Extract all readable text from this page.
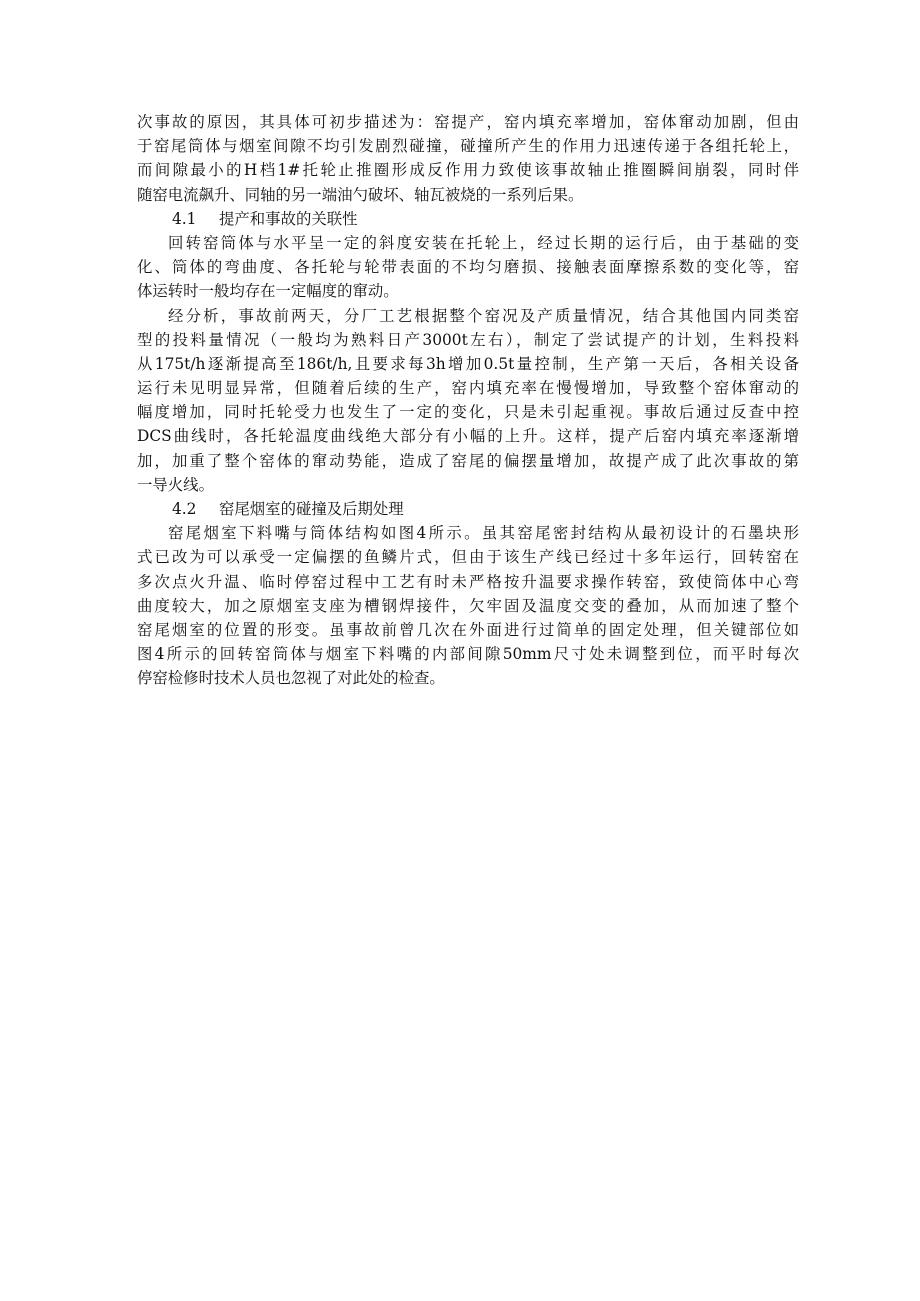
次事故的原因，其具体可初步描述为：窑提产，窑内填充率增加，窑体窜动加剧，但由
于窑尾筒体与烟室间隙不均引发剧烈碰撞，碰撞所产生的作用力迅速传递于各组托轮上，
而间隙最小的H档1#托轮止推圈形成反作用力致使该事故轴止推圈瞬间崩裂，同时伴
随窑电流飙升、同轴的另一端油勺破坏、轴瓦被烧的一系列后果。
4.1 提产和事故的关联性
回转窑筒体与水平呈一定的斜度安装在托轮上，经过长期的运行后，由于基础的变
化、筒体的弯曲度、各托轮与轮带表面的不均匀磨损、接触表面摩擦系数的变化等，窑
体运转时一般均存在一定幅度的窜动。
经分析，事故前两天，分厂工艺根据整个窑况及产质量情况，结合其他国内同类窑
型的投料量情况（一般均为熟料日产3000t左右），制定了尝试提产的计划，生料投料
从175t/h逐渐提高至186t/h,且要求每3h增加0.5t量控制，生产第一天后，各相关设备
运行未见明显异常，但随着后续的生产，窑内填充率在慢慢增加，导致整个窑体窜动的
幅度增加，同时托轮受力也发生了一定的变化，只是未引起重视。事故后通过反查中控
DCS曲线时，各托轮温度曲线绝大部分有小幅的上升。这样，提产后窑内填充率逐渐增
加，加重了整个窑体的窜动势能，造成了窑尾的偏摆量增加，故提产成了此次事故的第
一导火线。
4.2 窑尾烟室的碰撞及后期处理
窑尾烟室下料嘴与筒体结构如图4所示。虽其窑尾密封结构从最初设计的石墨块形
式已改为可以承受一定偏摆的鱼鳞片式，但由于该生产线已经过十多年运行，回转窑在
多次点火升温、临时停窑过程中工艺有时未严格按升温要求操作转窑，致使筒体中心弯
曲度较大，加之原烟室支座为槽钢焊接件，欠牢固及温度交变的叠加，从而加速了整个
窑尾烟室的位置的形变。虽事故前曾几次在外面进行过简单的固定处理，但关键部位如
图4所示的回转窑筒体与烟室下料嘴的内部间隙50mm尺寸处未调整到位，而平时每次
停窑检修时技术人员也忽视了对此处的检查。
